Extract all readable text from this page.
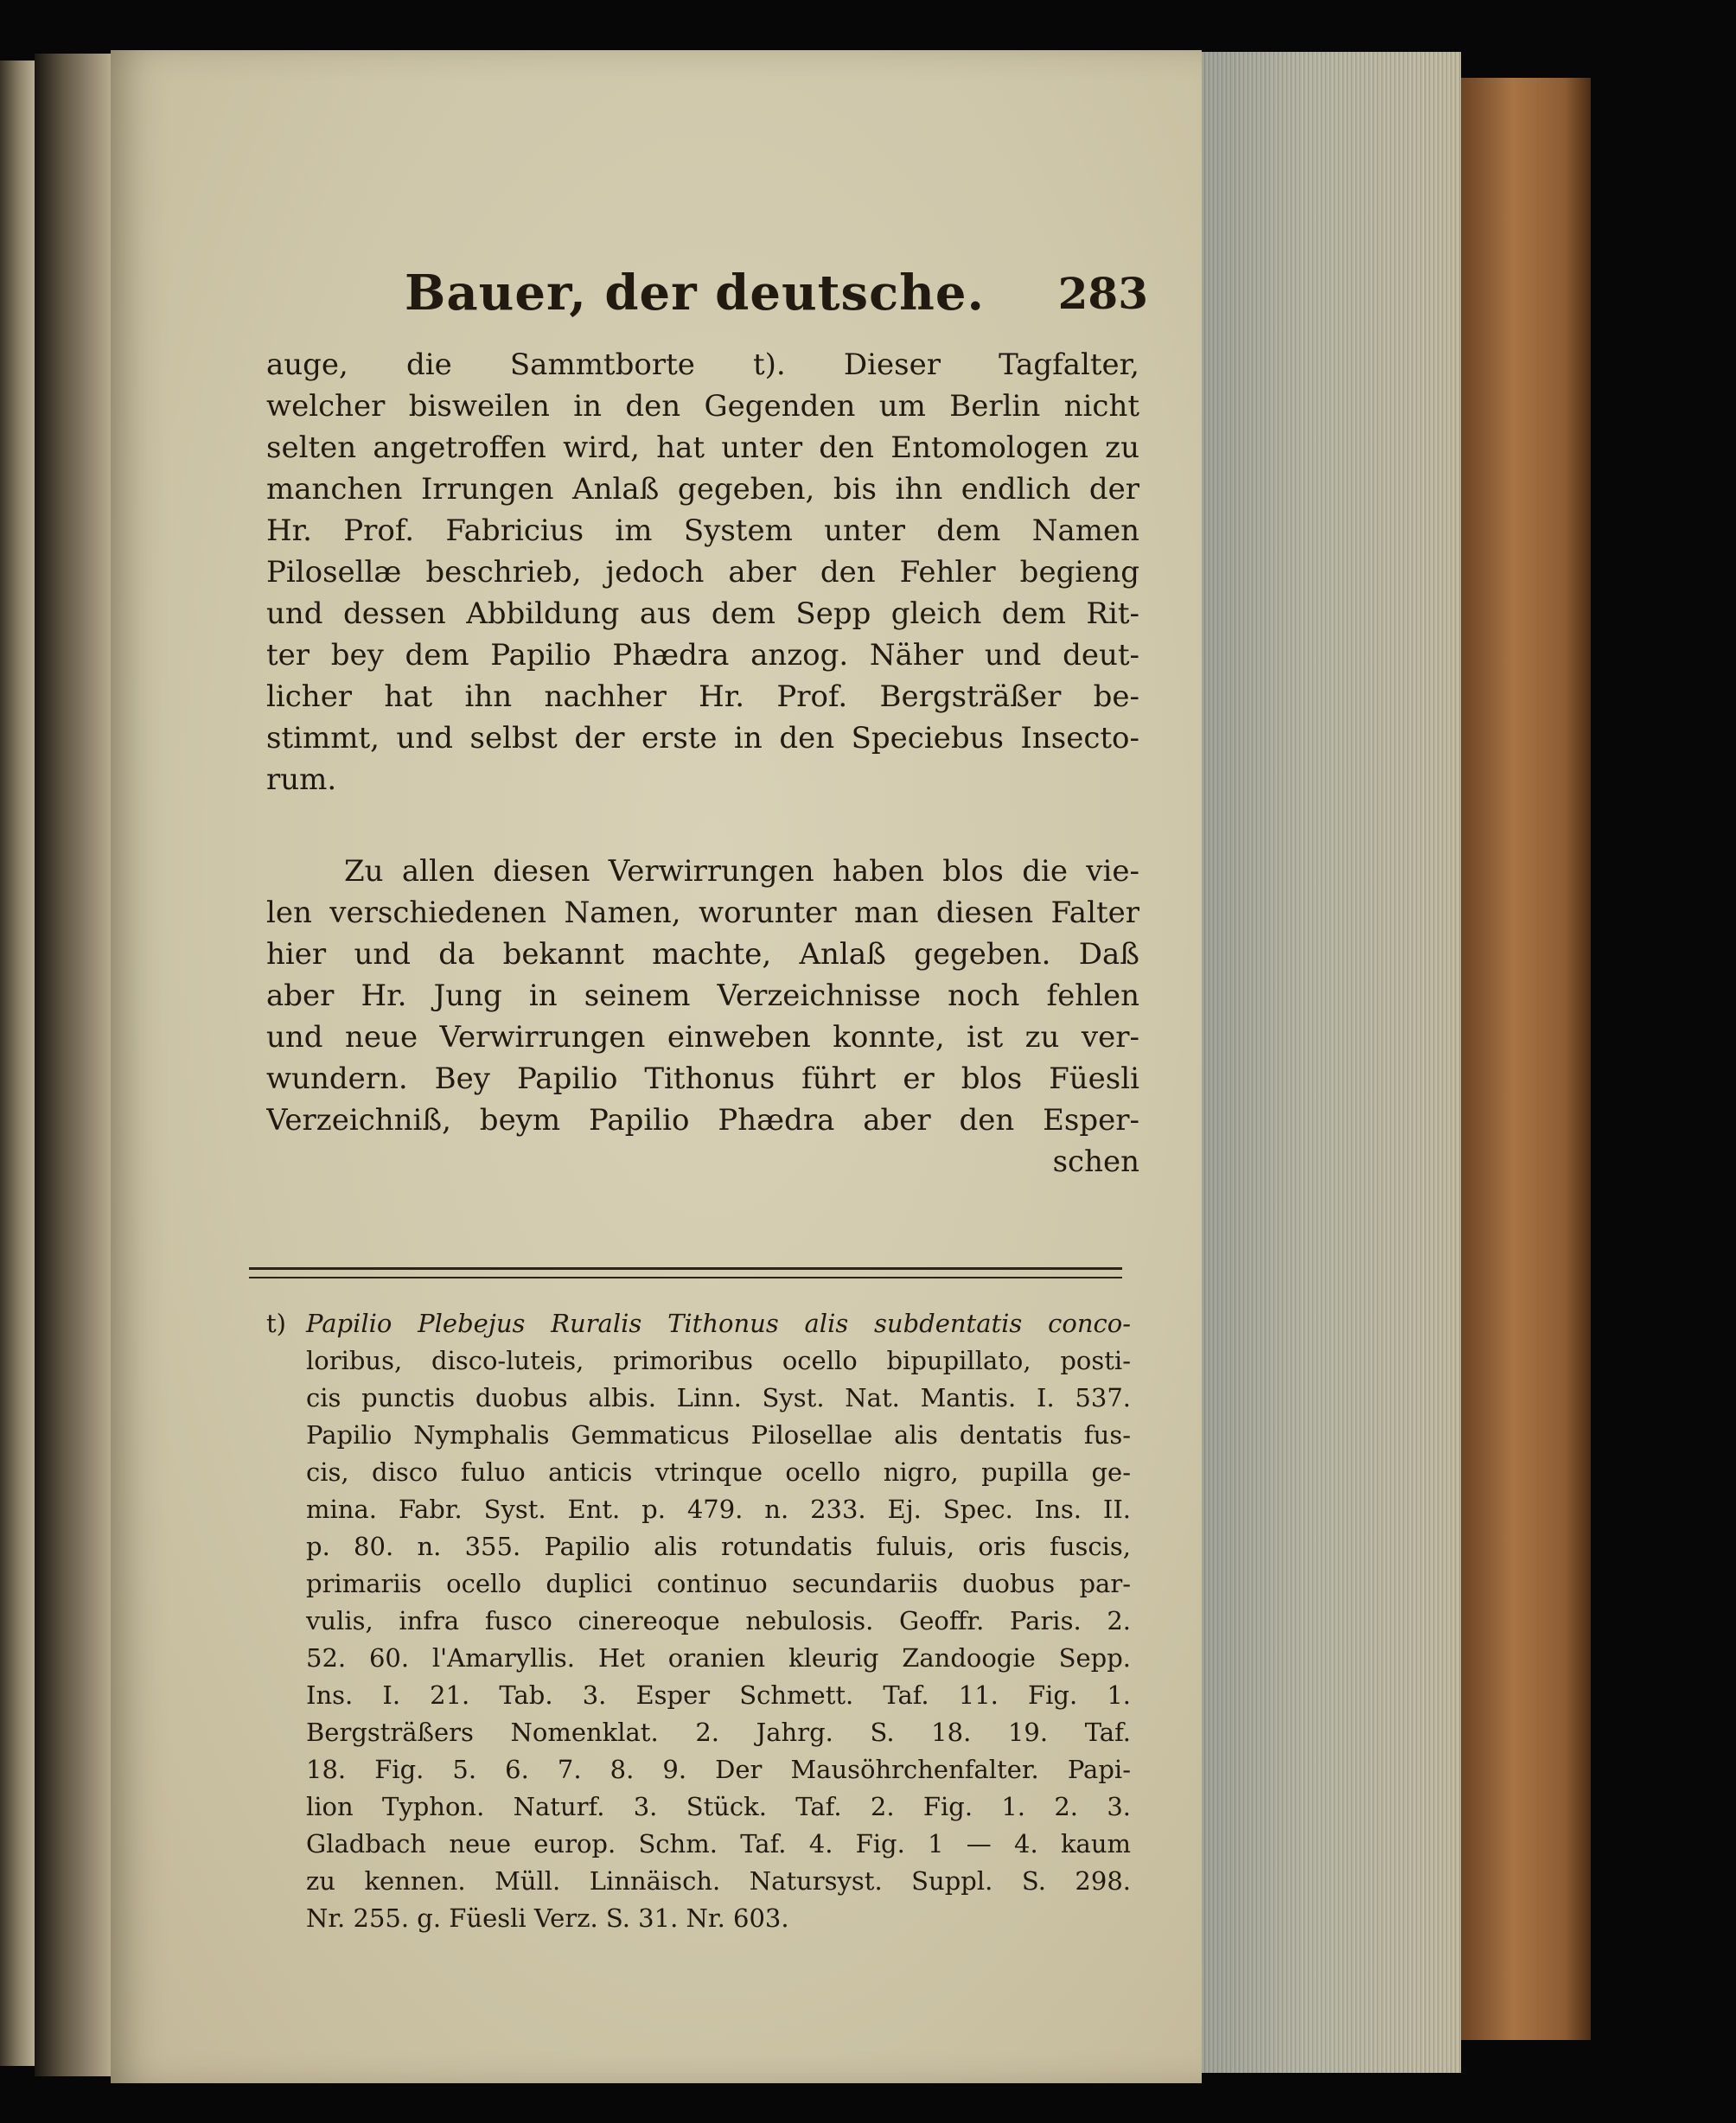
Bauer, der deutsche. 283
auge, die Sammtborte t). Dieser Tagfalter,
welcher bisweilen in den Gegenden um Berlin nicht
selten angetroffen wird, hat unter den Entomologen zu
manchen Irrungen Anlaß gegeben, bis ihn endlich der
Hr. Prof. Fabricius im System unter dem Namen
Pilosellæ beschrieb, jedoch aber den Fehler begieng
und dessen Abbildung aus dem Sepp gleich dem Rit-
ter bey dem Papilio Phædra anzog. Näher und deut-
licher hat ihn nachher Hr. Prof. Bergsträßer be-
stimmt, und selbst der erste in den Speciebus Insecto-
rum.
Zu allen diesen Verwirrungen haben blos die vie-
len verschiedenen Namen, worunter man diesen Falter
hier und da bekannt machte, Anlaß gegeben. Daß
aber Hr. Jung in seinem Verzeichnisse noch fehlen
und neue Verwirrungen einweben konnte, ist zu ver-
wundern. Bey Papilio Tithonus führt er blos Füesli
Verzeichniß, beym Papilio Phædra aber den Esper-
schen
t) Papilio Plebejus Ruralis Tithonus alis subdentatis conco-
loribus, disco-luteis, primoribus ocello bipupillato, posti-
cis punctis duobus albis. Linn. Syst. Nat. Mantis. I. 537.
Papilio Nymphalis Gemmaticus Pilosellae alis dentatis fus-
cis, disco fuluo anticis vtrinque ocello nigro, pupilla ge-
mina. Fabr. Syst. Ent. p. 479. n. 233. Ej. Spec. Ins. II.
p. 80. n. 355. Papilio alis rotundatis fuluis, oris fuscis,
primariis ocello duplici continuo secundariis duobus par-
vulis, infra fusco cinereoque nebulosis. Geoffr. Paris. 2.
52. 60. l'Amaryllis. Het oranien kleurig Zandoogie Sepp.
Ins. I. 21. Tab. 3. Esper Schmett. Taf. 11. Fig. 1.
Bergsträßers Nomenklat. 2. Jahrg. S. 18. 19. Taf.
18. Fig. 5. 6. 7. 8. 9. Der Mausöhrchenfalter. Papi-
lion Typhon. Naturf. 3. Stück. Taf. 2. Fig. 1. 2. 3.
Gladbach neue europ. Schm. Taf. 4. Fig. 1 — 4. kaum
zu kennen. Müll. Linnäisch. Natursyst. Suppl. S. 298.
Nr. 255. g. Füesli Verz. S. 31. Nr. 603.
